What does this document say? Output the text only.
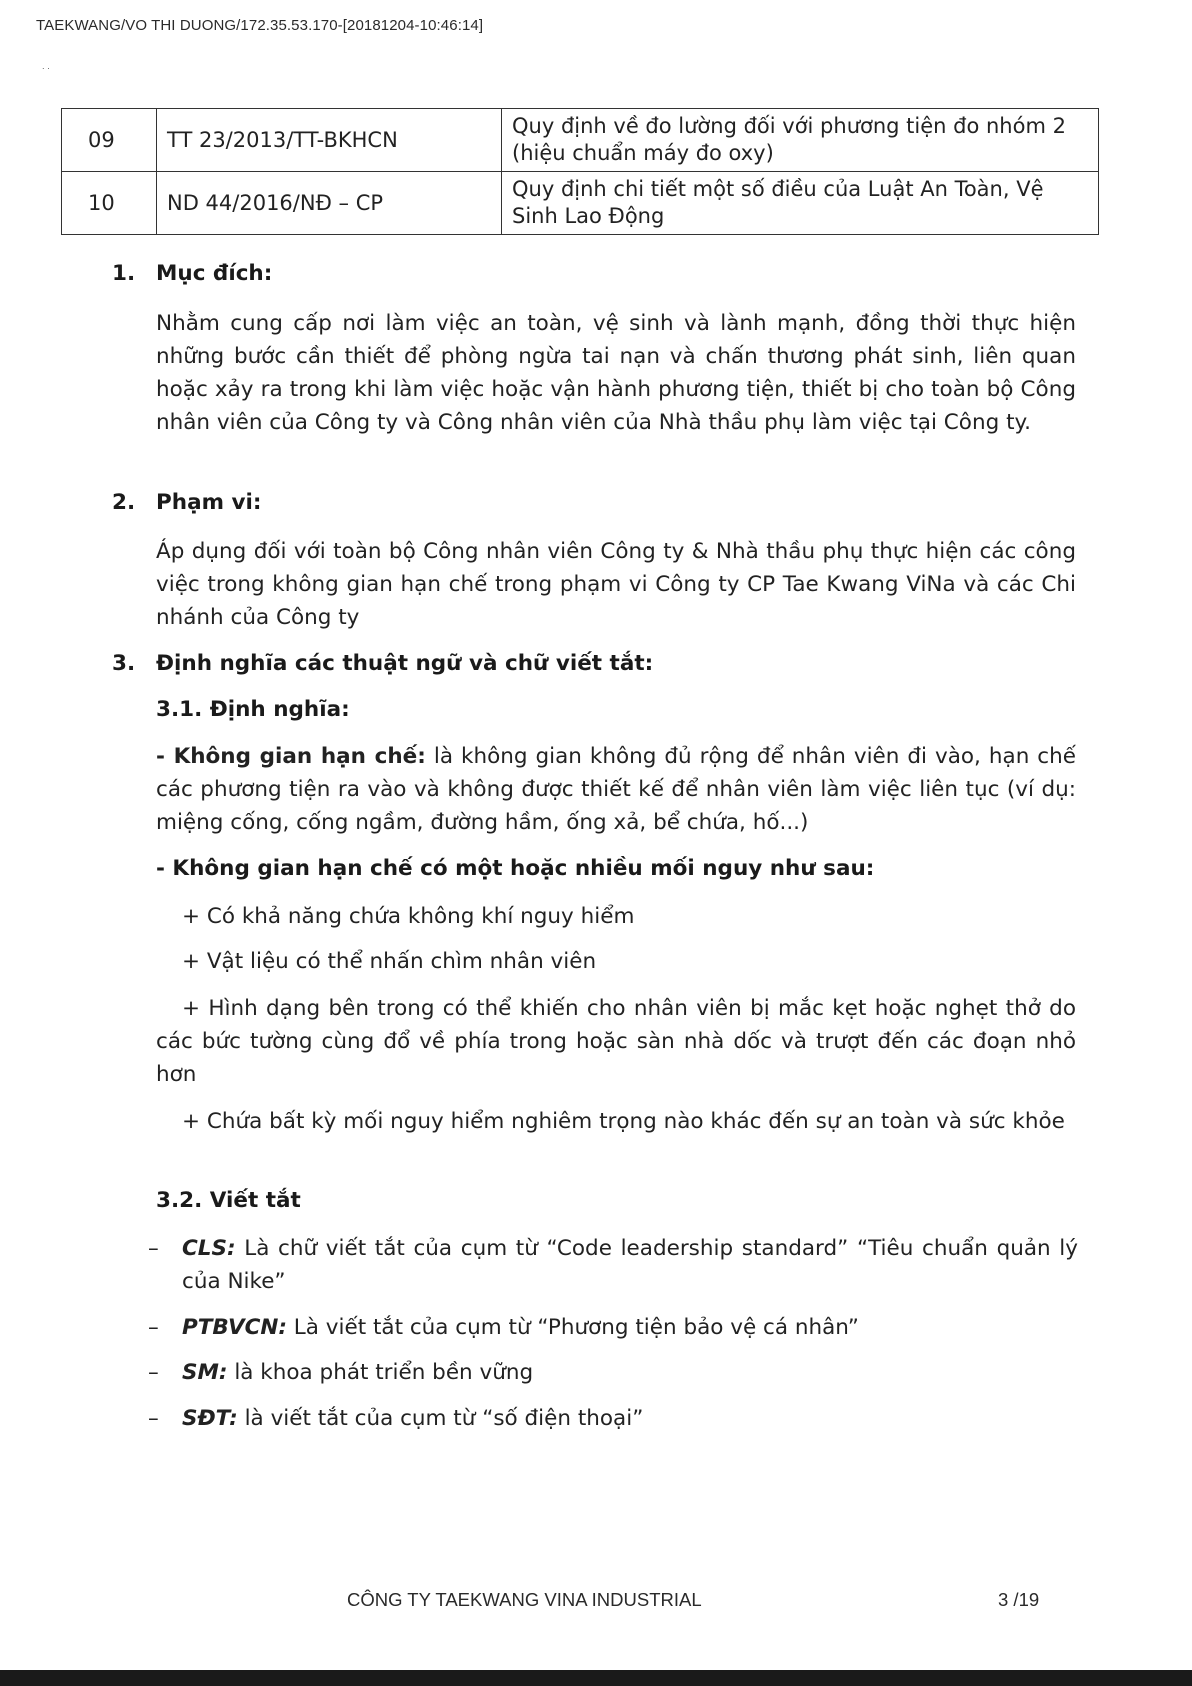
TAEKWANG/VO THI DUONG/172.35.53.170-[20181204-10:46:14]
. .
09	TT 23/2013/TT-BKHCN	Quy định về đo lường đối với phương tiện đo nhóm 2
(hiệu chuẩn máy đo oxy)

10	ND 44/2016/NĐ – CP	Quy định chi tiết một số điều của Luật An Toàn, Vệ
Sinh Lao Động
1. Mục đích:
Nhằm cung cấp nơi làm việc an toàn, vệ sinh và lành mạnh, đồng thời thực hiện những bước cần thiết để phòng ngừa tai nạn và chấn thương phát sinh, liên quan hoặc xảy ra trong khi làm việc hoặc vận hành phương tiện, thiết bị cho toàn bộ Công nhân viên của Công ty và Công nhân viên của Nhà thầu phụ làm việc tại Công ty.
2. Phạm vi:
Áp dụng đối với toàn bộ Công nhân viên Công ty & Nhà thầu phụ thực hiện các công việc trong không gian hạn chế trong phạm vi Công ty CP Tae Kwang ViNa và các Chi nhánh của Công ty
3. Định nghĩa các thuật ngữ và chữ viết tắt:
3.1. Định nghĩa:
- Không gian hạn chế: là không gian không đủ rộng để nhân viên đi vào, hạn chế các phương tiện ra vào và không được thiết kế để nhân viên làm việc liên tục (ví dụ: miệng cống, cống ngầm, đường hầm, ống xả, bể chứa, hố...)
- Không gian hạn chế có một hoặc nhiều mối nguy như sau:
+ Có khả năng chứa không khí nguy hiểm
+ Vật liệu có thể nhấn chìm nhân viên
+ Hình dạng bên trong có thể khiến cho nhân viên bị mắc kẹt hoặc nghẹt thở do các bức tường cùng đổ về phía trong hoặc sàn nhà dốc và trượt đến các đoạn nhỏ hơn
+ Chứa bất kỳ mối nguy hiểm nghiêm trọng nào khác đến sự an toàn và sức khỏe
3.2. Viết tắt
– CLS: Là chữ viết tắt của cụm từ “Code leadership standard” “Tiêu chuẩn quản lý của Nike”
– PTBVCN: Là viết tắt của cụm từ “Phương tiện bảo vệ cá nhân”
– SM: là khoa phát triển bền vững
– SĐT: là viết tắt của cụm từ “số điện thoại”
CÔNG TY TAEKWANG VINA INDUSTRIAL	3 /19
